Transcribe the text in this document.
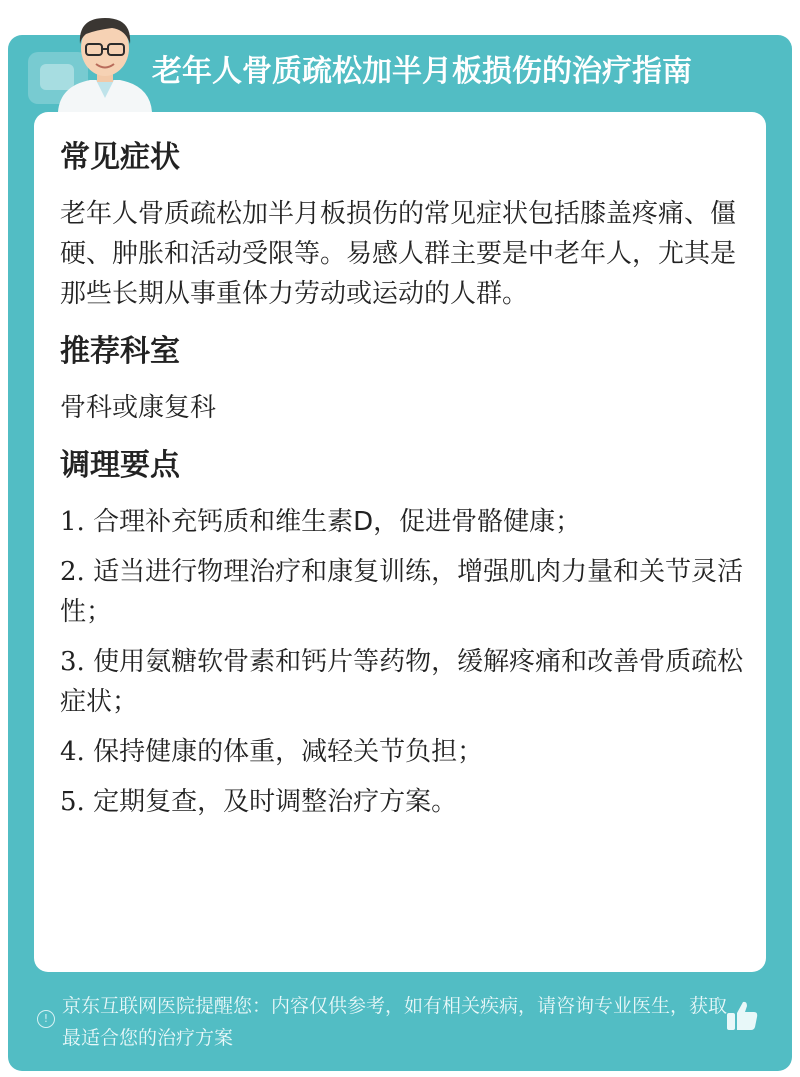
老年人骨质疏松加半月板损伤的治疗指南
常见症状

老年人骨质疏松加半月板损伤的常见症状包括膝盖疼痛、僵硬、肿胀和活动受限等。易感人群主要是中老年人，尤其是那些长期从事重体力劳动或运动的人群。

推荐科室

骨科或康复科

调理要点
1. 合理补充钙质和维生素D，促进骨骼健康；
2. 适当进行物理治疗和康复训练，增强肌肉力量和关节灵活性；
3. 使用氨糖软骨素和钙片等药物，缓解疼痛和改善骨质疏松症状；
4. 保持健康的体重，减轻关节负担；
5. 定期复查，及时调整治疗方案。
!
京东互联网医院提醒您：内容仅供参考，如有相关疾病，请咨询专业医生，获取最适合您的治疗方案
